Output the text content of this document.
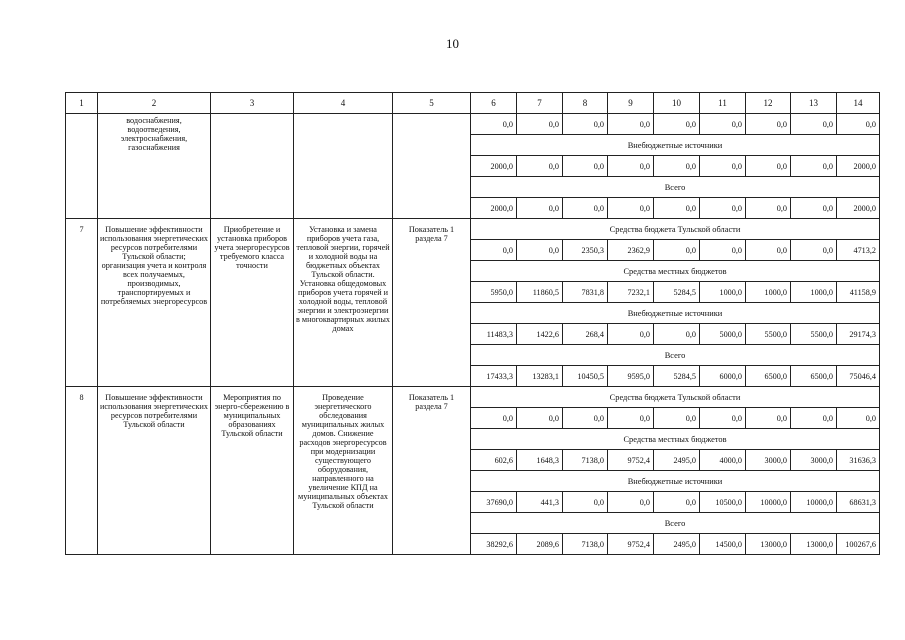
10
1	2	3	4	5	6	7	8	9	10	11	12	13	14
	водоснабжения, водоотведения, электроснабжения, газоснабжения				0,0	0,0	0,0	0,0	0,0	0,0	0,0	0,0	0,0
					Внебюджетные источники								
					2000,0	0,0	0,0	0,0	0,0	0,0	0,0	0,0	2000,0
					Всего								
					2000,0	0,0	0,0	0,0	0,0	0,0	0,0	0,0	2000,0
7	Повышение эффективности использования энергетических ресурсов потребителями Тульской области; организация учета и контроля всех получаемых, производимых, транспортируемых и потребляемых энергоресурсов	Приобретение и установка приборов учета энергоресурсов требуемого класса точности	Установка и замена приборов учета газа, тепловой энергии, горячей и холодной воды на бюджетных объектах Тульской области. Установка общедомовых приборов учета горячей и холодной воды, тепловой энергии и электроэнергии в многоквартирных жилых домах	Показатель 1 раздела 7	Средства бюджета Тульской области								
					0,0	0,0	2350,3	2362,9	0,0	0,0	0,0	0,0	4713,2
					Средства местных бюджетов								
					5950,0	11860,5	7831,8	7232,1	5284,5	1000,0	1000,0	1000,0	41158,9
					Внебюджетные источники								
					11483,3	1422,6	268,4	0,0	0,0	5000,0	5500,0	5500,0	29174,3
					Всего								
					17433,3	13283,1	10450,5	9595,0	5284,5	6000,0	6500,0	6500,0	75046,4
8	Повышение эффективности использования энергетических ресурсов потребителями Тульской области	Мероприятия по энерго-сбережению в муниципальных образованиях Тульской области	Проведение энергетического обследования муниципальных жилых домов. Снижение расходов энергоресурсов при модернизации существующего оборудования, направленного на увеличение КПД на муниципальных объектах Тульской области	Показатель 1 раздела 7	Средства бюджета Тульской области								
					0,0	0,0	0,0	0,0	0,0	0,0	0,0	0,0	0,0
					Средства местных бюджетов								
					602,6	1648,3	7138,0	9752,4	2495,0	4000,0	3000,0	3000,0	31636,3
					Внебюджетные источники								
					37690,0	441,3	0,0	0,0	0,0	10500,0	10000,0	10000,0	68631,3
					Всего								
					38292,6	2089,6	7138,0	9752,4	2495,0	14500,0	13000,0	13000,0	100267,6
